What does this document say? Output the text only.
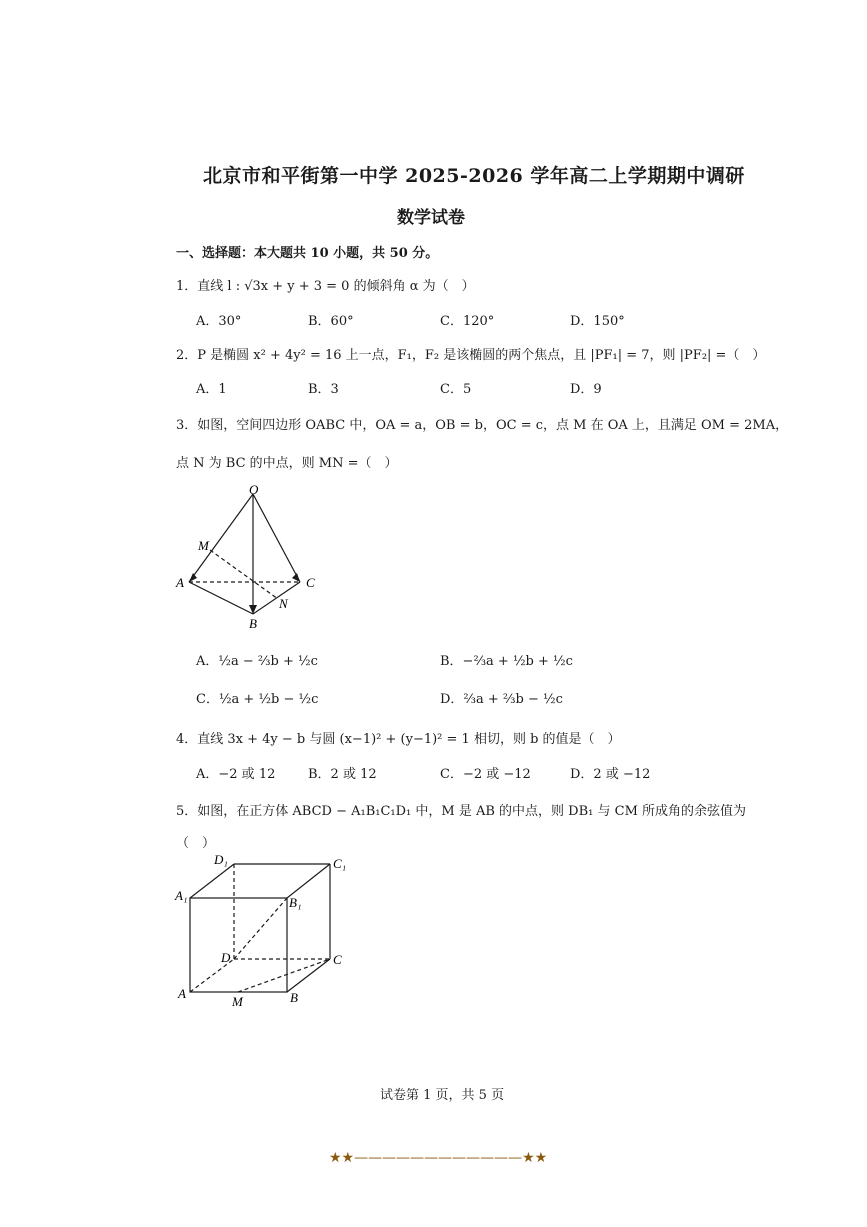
北京市和平街第一中学 2025-2026 学年高二上学期期中调研
数学试卷
一、选择题：本大题共 10 小题，共 50 分。
1．直线 l : √3x + y + 3 = 0 的倾斜角 α 为（　）
A．30°	B．60°	C．120°	D．150°
2．P 是椭圆 x² + 4y² = 16 上一点，F₁，F₂ 是该椭圆的两个焦点，且 |PF₁| = 7，则 |PF₂| =（　）
A．1	B．3	C．5	D．9
3．如图，空间四边形 OABC 中，OA = a，OB = b，OC = c，点 M 在 OA 上，且满足 OM = 2MA，
点 N 为 BC 的中点，则 MN =（　）
O
M
A	C
N
B
A．½a − ⅔b + ½c	B．−⅔a + ½b + ½c
C．½a + ½b − ½c	D．⅔a + ⅔b − ½c
4．直线 3x + 4y − b 与圆 (x−1)² + (y−1)² = 1 相切，则 b 的值是（　）
A．−2 或 12	B．2 或 12	C．−2 或 −12	D．2 或 −12
5．如图，在正方体 ABCD − A₁B₁C₁D₁ 中，M 是 AB 的中点，则 DB₁ 与 CM 所成角的余弦值为
（　）
D₁	C₁
A₁	B₁
D	C
A
M	B
试卷第 1 页，共 5 页
★★————————————★★
